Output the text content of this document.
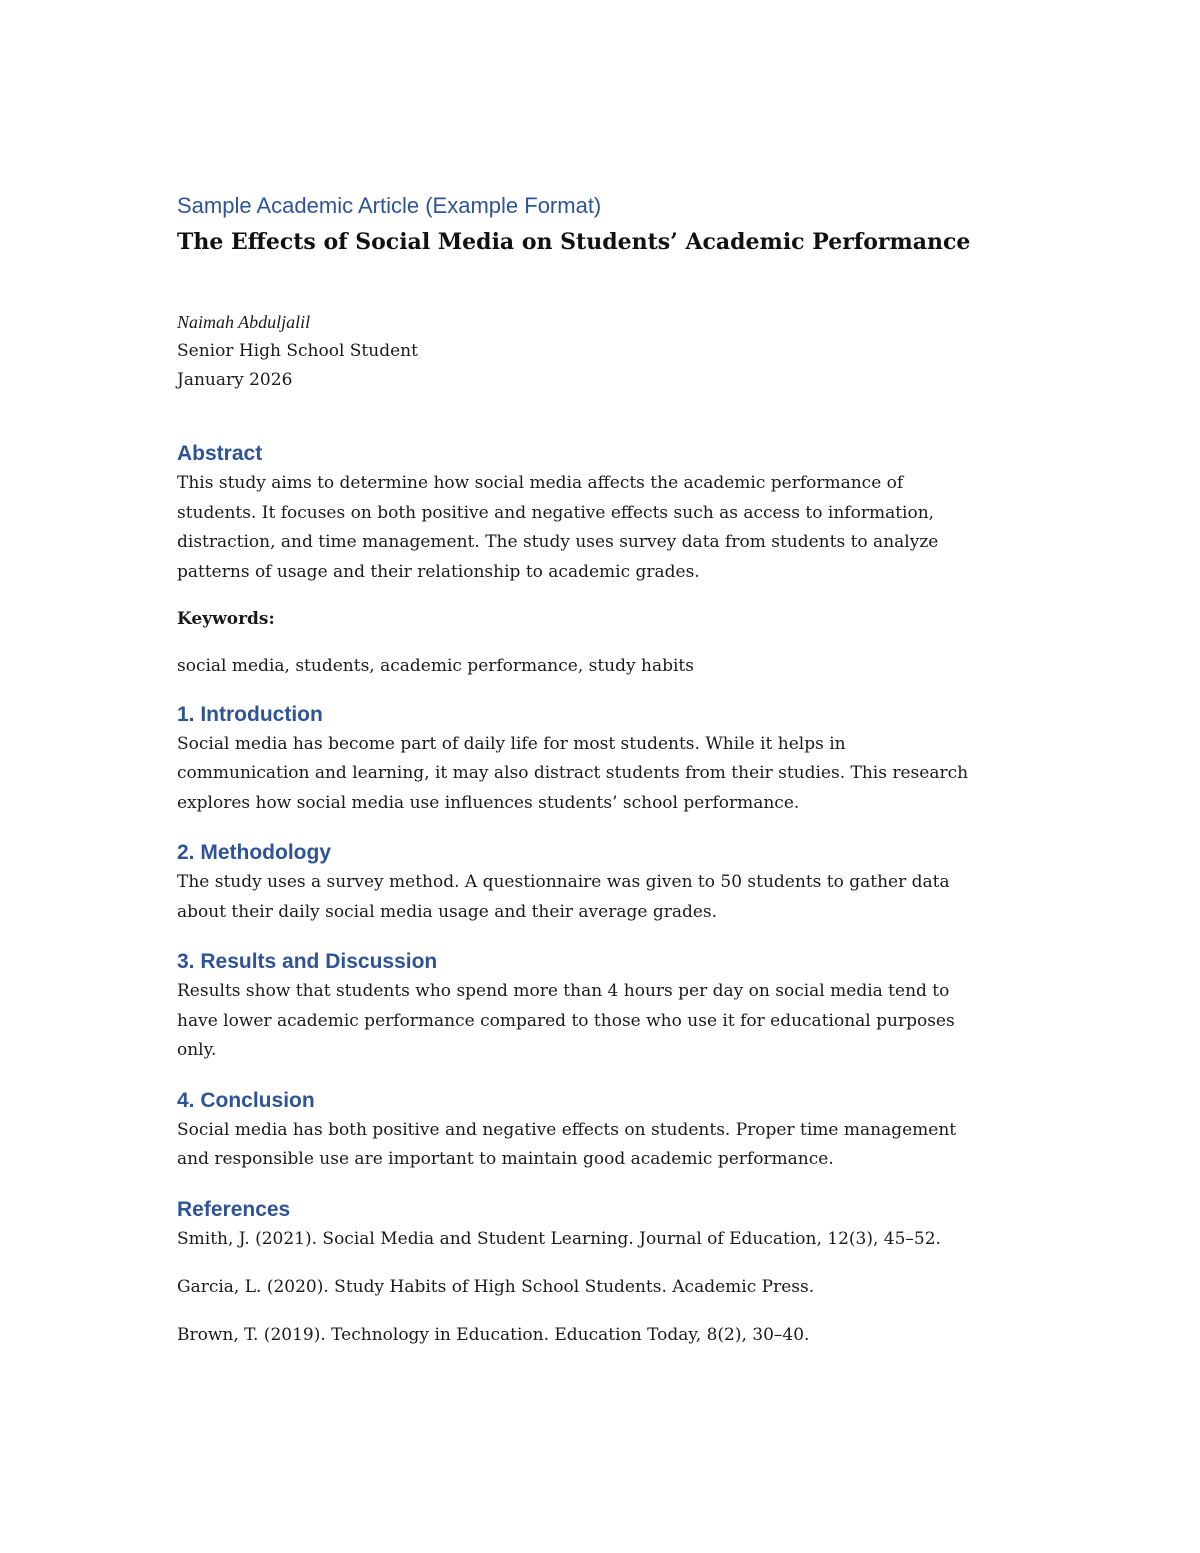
Sample Academic Article (Example Format)

The Effects of Social Media on Students’ Academic Performance
Naimah Abduljalil
Senior High School Student
January 2026
Abstract

This study aims to determine how social media affects the academic performance of

students. It focuses on both positive and negative effects such as access to information,

distraction, and time management. The study uses survey data from students to analyze

patterns of usage and their relationship to academic grades.

Keywords:

social media, students, academic performance, study habits

1. Introduction

Social media has become part of daily life for most students. While it helps in

communication and learning, it may also distract students from their studies. This research

explores how social media use influences students’ school performance.

2. Methodology

The study uses a survey method. A questionnaire was given to 50 students to gather data

about their daily social media usage and their average grades.

3. Results and Discussion

Results show that students who spend more than 4 hours per day on social media tend to

have lower academic performance compared to those who use it for educational purposes

only.

4. Conclusion

Social media has both positive and negative effects on students. Proper time management

and responsible use are important to maintain good academic performance.

References

Smith, J. (2021). Social Media and Student Learning. Journal of Education, 12(3), 45–52.

Garcia, L. (2020). Study Habits of High School Students. Academic Press.

Brown, T. (2019). Technology in Education. Education Today, 8(2), 30–40.
